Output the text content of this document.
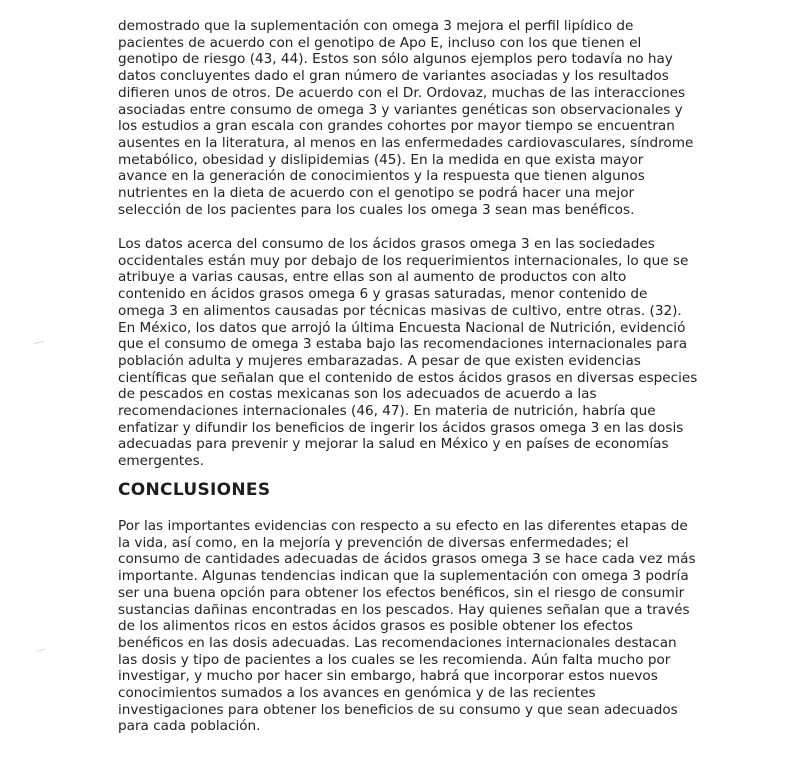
demostrado que la suplementación con omega 3 mejora el perfil lipídico de
pacientes de acuerdo con el genotipo de Apo E, incluso con los que tienen el
genotipo de riesgo (43, 44). Estos son sólo algunos ejemplos pero todavía no hay
datos concluyentes dado el gran número de variantes asociadas y los resultados
difieren unos de otros. De acuerdo con el Dr. Ordovaz, muchas de las interacciones
asociadas entre consumo de omega 3 y variantes genéticas son observacionales y
los estudios a gran escala con grandes cohortes por mayor tiempo se encuentran
ausentes en la literatura, al menos en las enfermedades cardiovasculares, síndrome
metabólico, obesidad y dislipidemias (45). En la medida en que exista mayor
avance en la generación de conocimientos y la respuesta que tienen algunos
nutrientes en la dieta de acuerdo con el genotipo se podrá hacer una mejor
selección de los pacientes para los cuales los omega 3 sean mas benéficos.

Los datos acerca del consumo de los ácidos grasos omega 3 en las sociedades
occidentales están muy por debajo de los requerimientos internacionales, lo que se
atribuye a varias causas, entre ellas son al aumento de productos con alto
contenido en ácidos grasos omega 6 y grasas saturadas, menor contenido de
omega 3 en alimentos causadas por técnicas masivas de cultivo, entre otras. (32).
En México, los datos que arrojó la última Encuesta Nacional de Nutrición, evidenció
que el consumo de omega 3 estaba bajo las recomendaciones internacionales para
población adulta y mujeres embarazadas. A pesar de que existen evidencias
científicas que señalan que el contenido de estos ácidos grasos en diversas especies
de pescados en costas mexicanas son los adecuados de acuerdo a las
recomendaciones internacionales (46, 47). En materia de nutrición, habría que
enfatizar y difundir los beneficios de ingerir los ácidos grasos omega 3 en las dosis
adecuadas para prevenir y mejorar la salud en México y en países de economías
emergentes.

CONCLUSIONES

Por las importantes evidencias con respecto a su efecto en las diferentes etapas de
la vida, así como, en la mejoría y prevención de diversas enfermedades; el
consumo de cantidades adecuadas de ácidos grasos omega 3 se hace cada vez más
importante. Algunas tendencias indican que la suplementación con omega 3 podría
ser una buena opción para obtener los efectos benéficos, sin el riesgo de consumir
sustancias dañinas encontradas en los pescados. Hay quienes señalan que a través
de los alimentos ricos en estos ácidos grasos es posible obtener los efectos
benéficos en las dosis adecuadas. Las recomendaciones internacionales destacan
las dosis y tipo de pacientes a los cuales se les recomienda. Aún falta mucho por
investigar, y mucho por hacer sin embargo, habrá que incorporar estos nuevos
conocimientos sumados a los avances en genómica y de las recientes
investigaciones para obtener los beneficios de su consumo y que sean adecuados
para cada población.
